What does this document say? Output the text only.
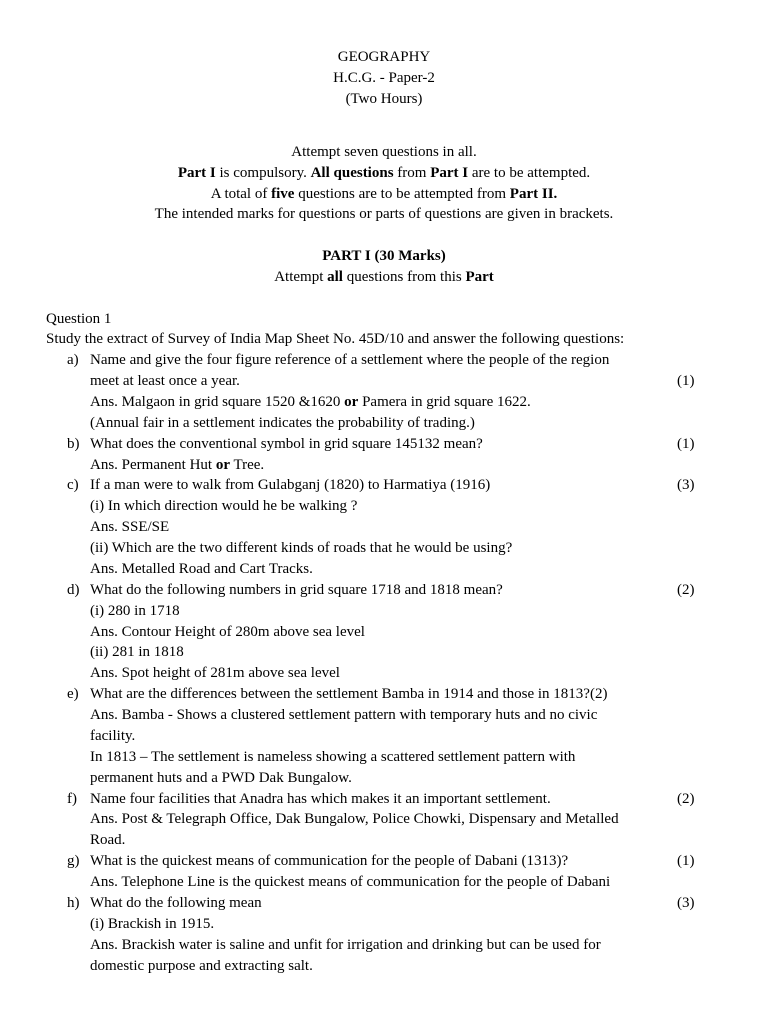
GEOGRAPHY
H.C.G. - Paper-2
(Two Hours)
Attempt seven questions in all.
Part I is compulsory. All questions from Part I are to be attempted.
A total of five questions are to be attempted from Part II.
The intended marks for questions or parts of questions are given in brackets.
PART I (30 Marks)
Attempt all questions from this Part
Question 1
Study the extract of Survey of India Map Sheet No. 45D/10 and answer the following questions:
a) Name and give the four figure reference of a settlement where the people of the region
meet at least once a year.	(1)
Ans. Malgaon in grid square 1520 &1620 or Pamera in grid square 1622.
(Annual fair in a settlement indicates the probability of trading.)
b) What does the conventional symbol in grid square 145132 mean?	(1)
Ans. Permanent Hut or Tree.
c) If a man were to walk from Gulabganj (1820) to Harmatiya (1916)	(3)
(i) In which direction would he be walking ?
Ans. SSE/SE
(ii) Which are the two different kinds of roads that he would be using?
Ans. Metalled Road and Cart Tracks.
d) What do the following numbers in grid square 1718 and 1818 mean?	(2)
(i) 280 in 1718
Ans. Contour Height of 280m above sea level
(ii) 281 in 1818
Ans. Spot height of 281m above sea level
e) What are the differences between the settlement Bamba in 1914 and those in 1813?(2)
Ans. Bamba - Shows a clustered settlement pattern with temporary huts and no civic
facility.
In 1813 – The settlement is nameless showing a scattered settlement pattern with
permanent huts and a PWD Dak Bungalow.
f) Name four facilities that Anadra has which makes it an important settlement.	(2)
Ans. Post & Telegraph Office, Dak Bungalow, Police Chowki, Dispensary and Metalled
Road.
g) What is the quickest means of communication for the people of Dabani (1313)?	(1)
Ans. Telephone Line is the quickest means of communication for the people of Dabani
h) What do the following mean	(3)
(i) Brackish in 1915.
Ans. Brackish water is saline and unfit for irrigation and drinking but can be used for
domestic purpose and extracting salt.
